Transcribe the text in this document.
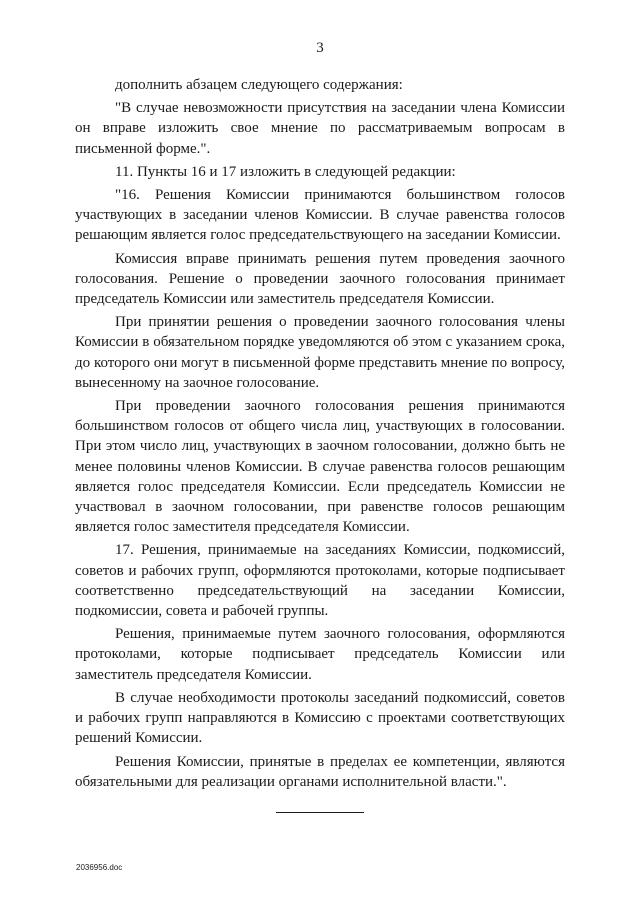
3

дополнить абзацем следующего содержания:

"В случае невозможности присутствия на заседании члена Комиссии он вправе изложить свое мнение по рассматриваемым вопросам в письменной форме.".

11. Пункты 16 и 17 изложить в следующей редакции:

"16. Решения Комиссии принимаются большинством голосов участвующих в заседании членов Комиссии. В случае равенства голосов решающим является голос председательствующего на заседании Комиссии.

Комиссия вправе принимать решения путем проведения заочного голосования. Решение о проведении заочного голосования принимает председатель Комиссии или заместитель председателя Комиссии.

При принятии решения о проведении заочного голосования члены Комиссии в обязательном порядке уведомляются об этом с указанием срока, до которого они могут в письменной форме представить мнение по вопросу, вынесенному на заочное голосование.

При проведении заочного голосования решения принимаются большинством голосов от общего числа лиц, участвующих в голосовании. При этом число лиц, участвующих в заочном голосовании, должно быть не менее половины членов Комиссии. В случае равенства голосов решающим является голос председателя Комиссии. Если председатель Комиссии не участвовал в заочном голосовании, при равенстве голосов решающим является голос заместителя председателя Комиссии.

17. Решения, принимаемые на заседаниях Комиссии, подкомиссий, советов и рабочих групп, оформляются протоколами, которые подписывает соответственно председательствующий на заседании Комиссии, подкомиссии, совета и рабочей группы.

Решения, принимаемые путем заочного голосования, оформляются протоколами, которые подписывает председатель Комиссии или заместитель председателя Комиссии.

В случае необходимости протоколы заседаний подкомиссий, советов и рабочих групп направляются в Комиссию с проектами соответствующих решений Комиссии.

Решения Комиссии, принятые в пределах ее компетенции, являются обязательными для реализации органами исполнительной власти.".

2036956.doc
